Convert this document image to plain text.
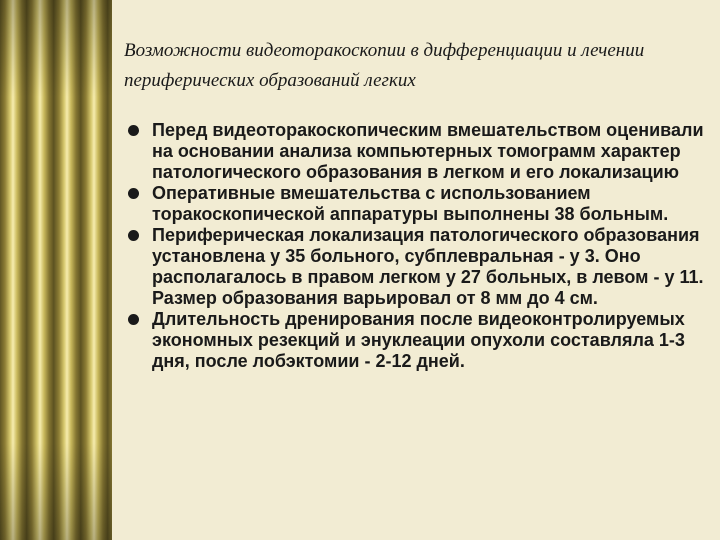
Возможности видеоторакоскопии в дифференциации и лечении периферических образований легких
Перед видеоторакоскопическим вмешательством оценивали на основании анализа компьютерных томограмм характер патологического образования в легком и его локализацию
Оперативные вмешательства с использованием торакоскопической аппаратуры выполнены 38 больным.
Периферическая локализация патологического образования установлена у 35 больного, субплевральная - у 3. Оно располагалось в правом легком у 27 больных, в левом - у 11. Размер образования варьировал от 8 мм до 4 см.
Длительность дренирования после видеоконтролируемых экономных резекций и энуклеации опухоли составляла 1-3 дня, после лобэктомии - 2-12 дней.
